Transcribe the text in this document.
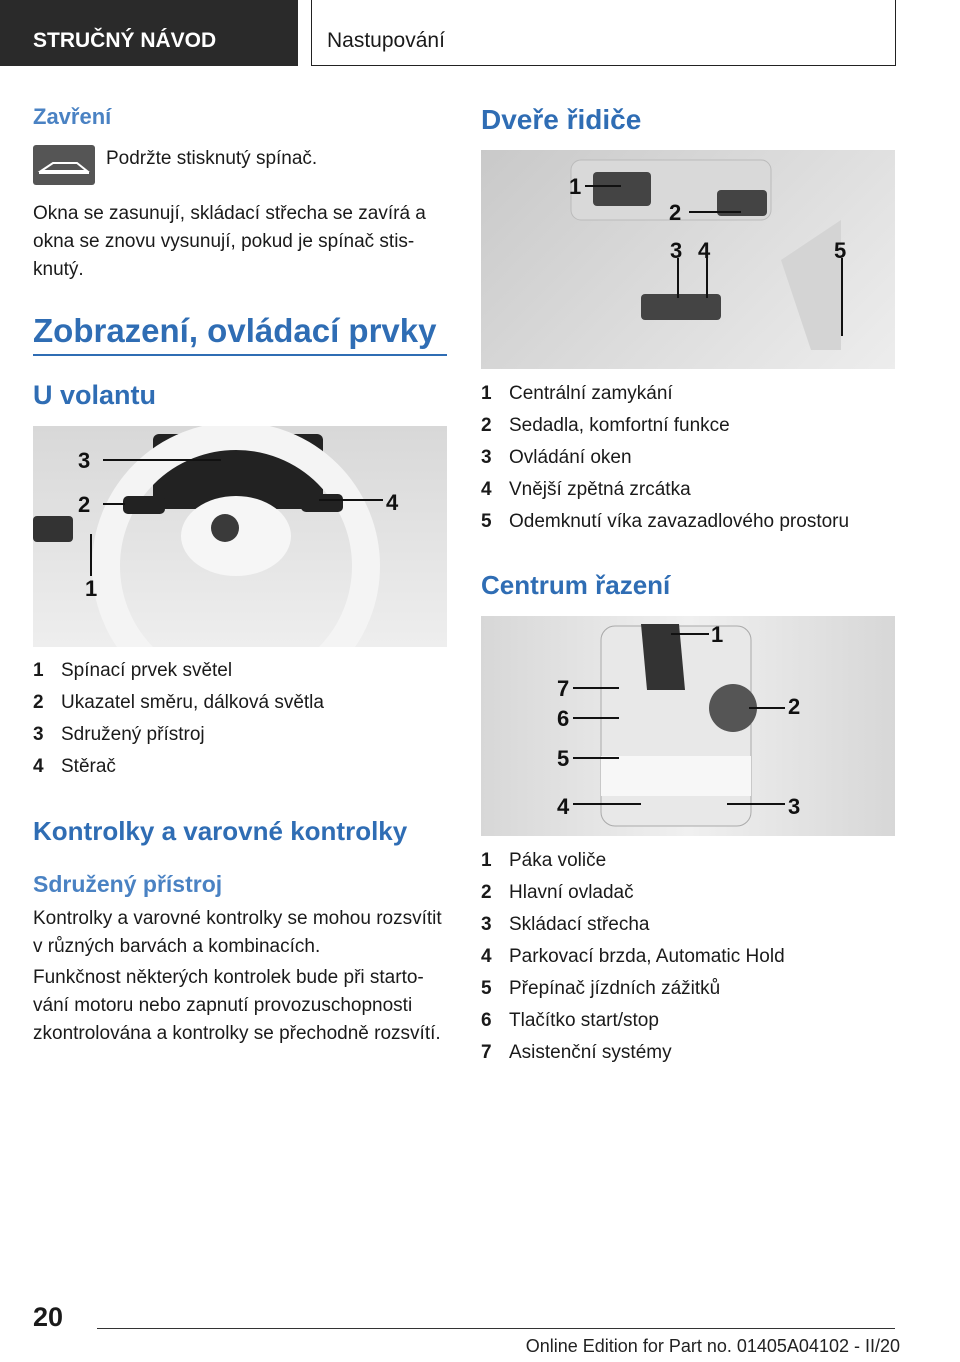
STRUČNÝ NÁVOD	Nastupování
Zavření

Podržte stisknutý spínač.

Okna se zasunují, skládací střecha se zavírá a okna se znovu vysunují, pokud je spínač stis-knutý.

Zobrazení, ovládací prvky
U volantu
3
2	4
1
1 Spínací prvek světel
2 Ukazatel směru, dálková světla
3 Sdružený přístroj
4 Stěrač
Kontrolky a varovné kontrolky
Sdružený přístroj

Kontrolky a varovné kontrolky se mohou rozsvítit v různých barvách a kombinacích.

Funkčnost některých kontrolek bude při starto-vání motoru nebo zapnutí provozuschopnosti zkontrolována a kontrolky se přechodně rozsvítí.

Dveře řidiče
1
2
3 4	5
1 Centrální zamykání
2 Sedadla, komfortní funkce
3 Ovládání oken
4 Vnější zpětná zrcátka
5 Odemknutí víka zavazadlového prostoru
Centrum řazení
1
2
3
4
5
6
7
1 Páka voliče
2 Hlavní ovladač
3 Skládací střecha
4 Parkovací brzda, Automatic Hold
5 Přepínač jízdních zážitků
6 Tlačítko start/stop
7 Asistenční systémy
20
Online Edition for Part no. 01405A04102 - II/20
